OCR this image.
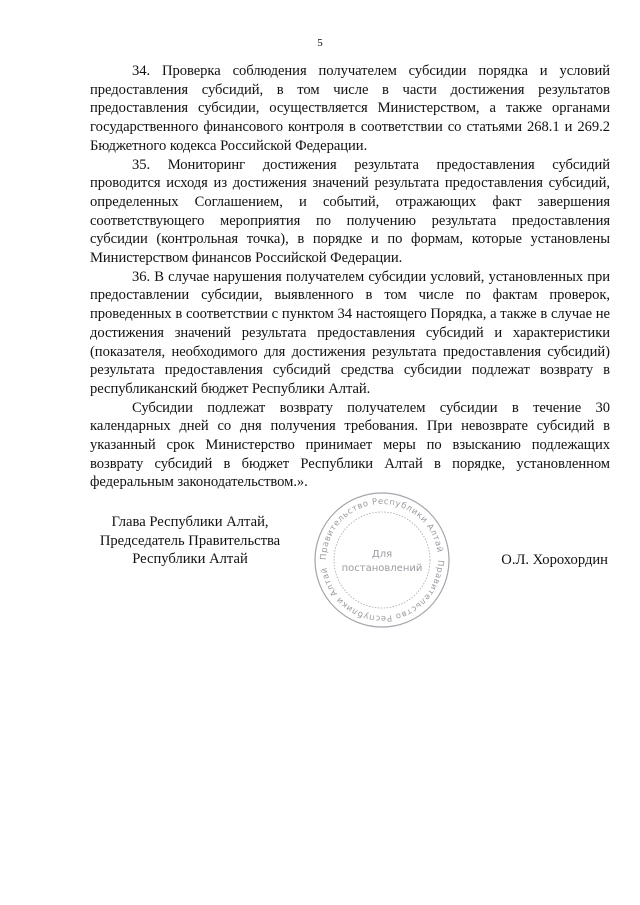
5

34. Проверка соблюдения получателем субсидии порядка и условий предоставления субсидий, в том числе в части достижения результатов предоставления субсидии, осуществляется Министерством, а также органами государственного финансового контроля в соответствии со статьями 268.1 и 269.2 Бюджетного кодекса Российской Федерации.

35. Мониторинг достижения результата предоставления субсидий проводится исходя из достижения значений результата предоставления субсидий, определенных Соглашением, и событий, отражающих факт завершения соответствующего мероприятия по получению результата предоставления субсидии (контрольная точка), в порядке и по формам, которые установлены Министерством финансов Российской Федерации.

36. В случае нарушения получателем субсидии условий, установленных при предоставлении субсидии, выявленного в том числе по фактам проверок, проведенных в соответствии с пунктом 34 настоящего Порядка, а также в случае не достижения значений результата предоставления субсидий и характеристики (показателя, необходимого для достижения результата предоставления субсидий) результата предоставления субсидий средства субсидии подлежат возврату в республиканский бюджет Республики Алтай.

Субсидии подлежат возврату получателем субсидии в течение 30 календарных дней со дня получения требования. При невозврате субсидий в указанный срок Министерство принимает меры по взысканию подлежащих возврату субсидий в бюджет Республики Алтай в порядке, установленном федеральным законодательством.».

Глава Республики Алтай,
Председатель Правительства
Республики Алтай	О.Л. Хорохордин
Правительство Республики Алтай
Правительство Республики Алтай
Для
постановлений
